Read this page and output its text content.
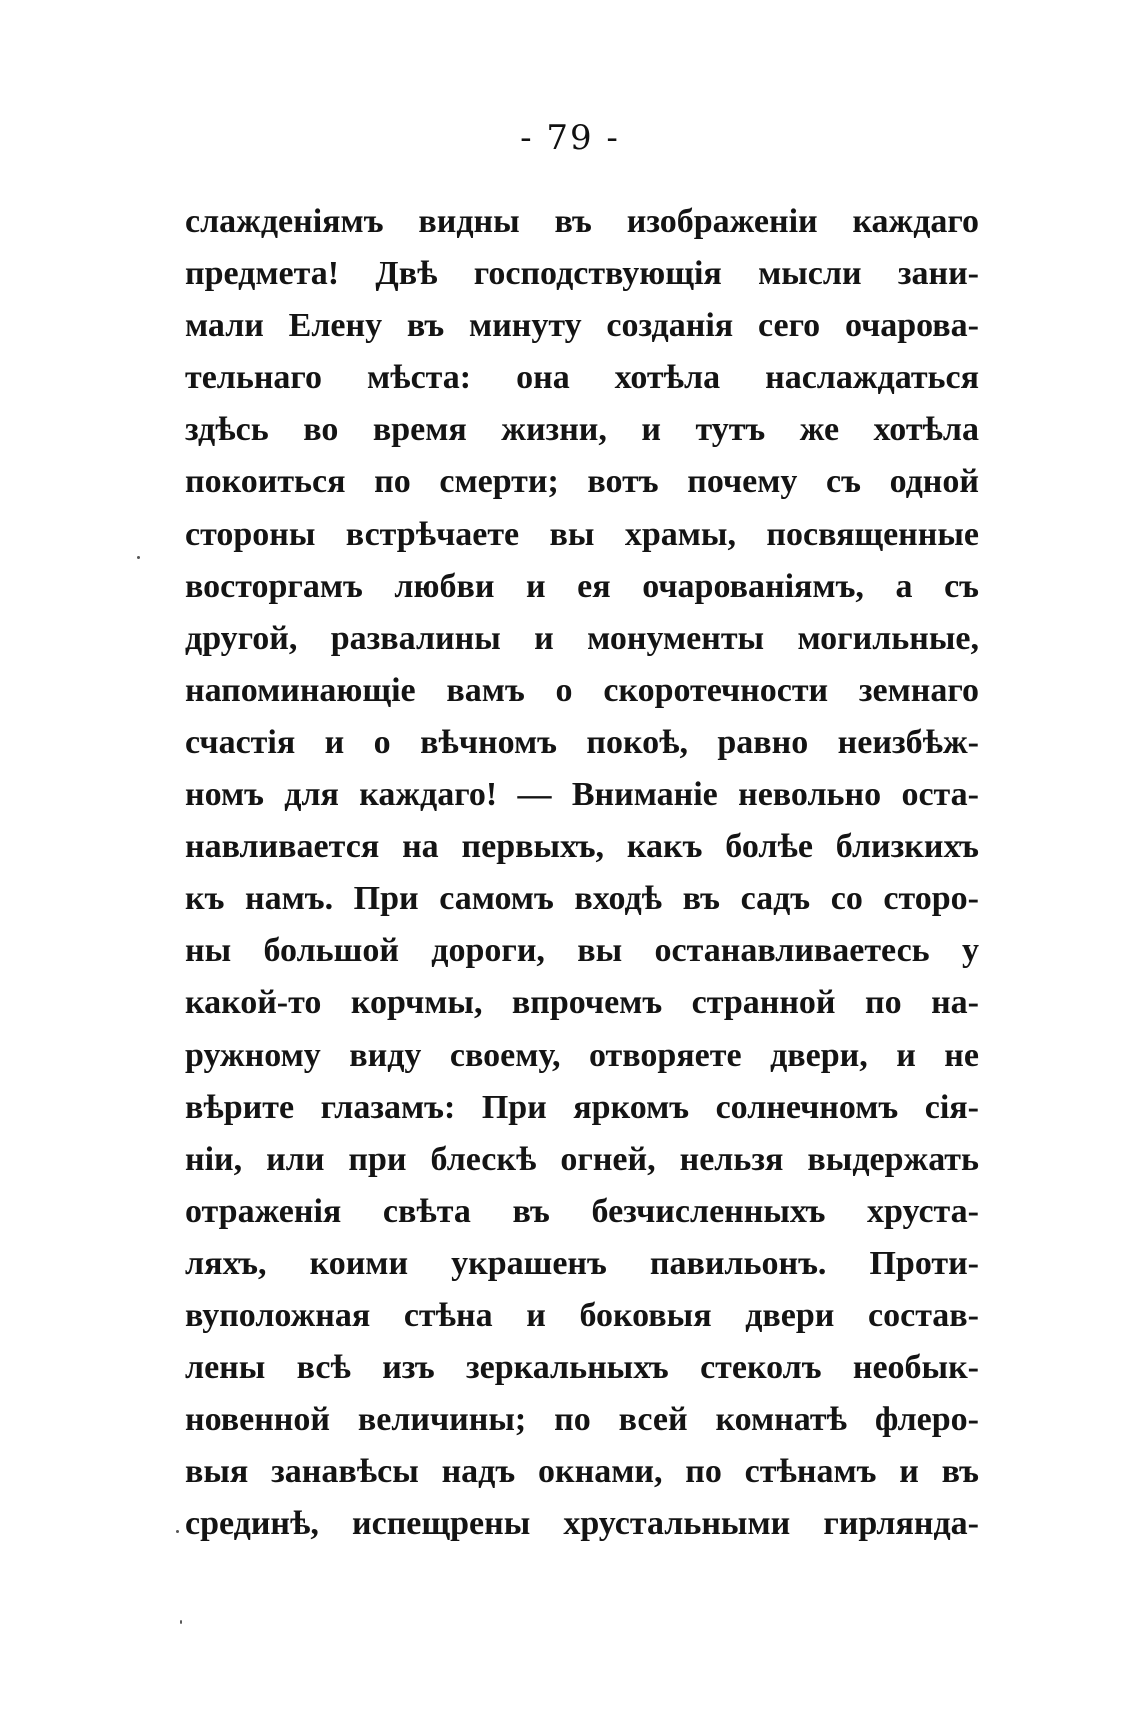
- 79 -
слажденіямъ видны въ изображеніи каждаго
предмета! Двѣ господствующія мысли зани-
мали Елену въ минуту созданія сего очарова-
тельнаго мѣста: она хотѣла наслаждаться
здѣсь во время жизни, и тутъ же хотѣла
покоиться по смерти; вотъ почему съ одной
стороны встрѣчаете вы храмы, посвященные
восторгамъ любви и ея очарованіямъ, а съ
другой, развалины и монументы могильные,
напоминающіе вамъ о скоротечности земнаго
счастія и о вѣчномъ покоѣ, равно неизбѣж-
номъ для каждаго! — Вниманіе невольно оста-
навливается на первыхъ, какъ болѣе близкихъ
къ намъ. При самомъ входѣ въ садъ со сторо-
ны большой дороги, вы останавливаетесь у
какой-то корчмы, впрочемъ странной по на-
ружному виду своему, отворяете двери, и не
вѣрите глазамъ: При яркомъ солнечномъ сія-
ніи, или при блескѣ огней, нельзя выдержать
отраженія свѣта въ безчисленныхъ хруста-
ляхъ, коими украшенъ павильонъ. Проти-
вуположная стѣна и боковыя двери состав-
лены всѣ изъ зеркальныхъ стеколъ необык-
новенной величины; по всей комнатѣ флеро-
выя занавѣсы надъ окнами, по стѣнамъ и въ
срединѣ, испещрены хрустальными гирлянда-
